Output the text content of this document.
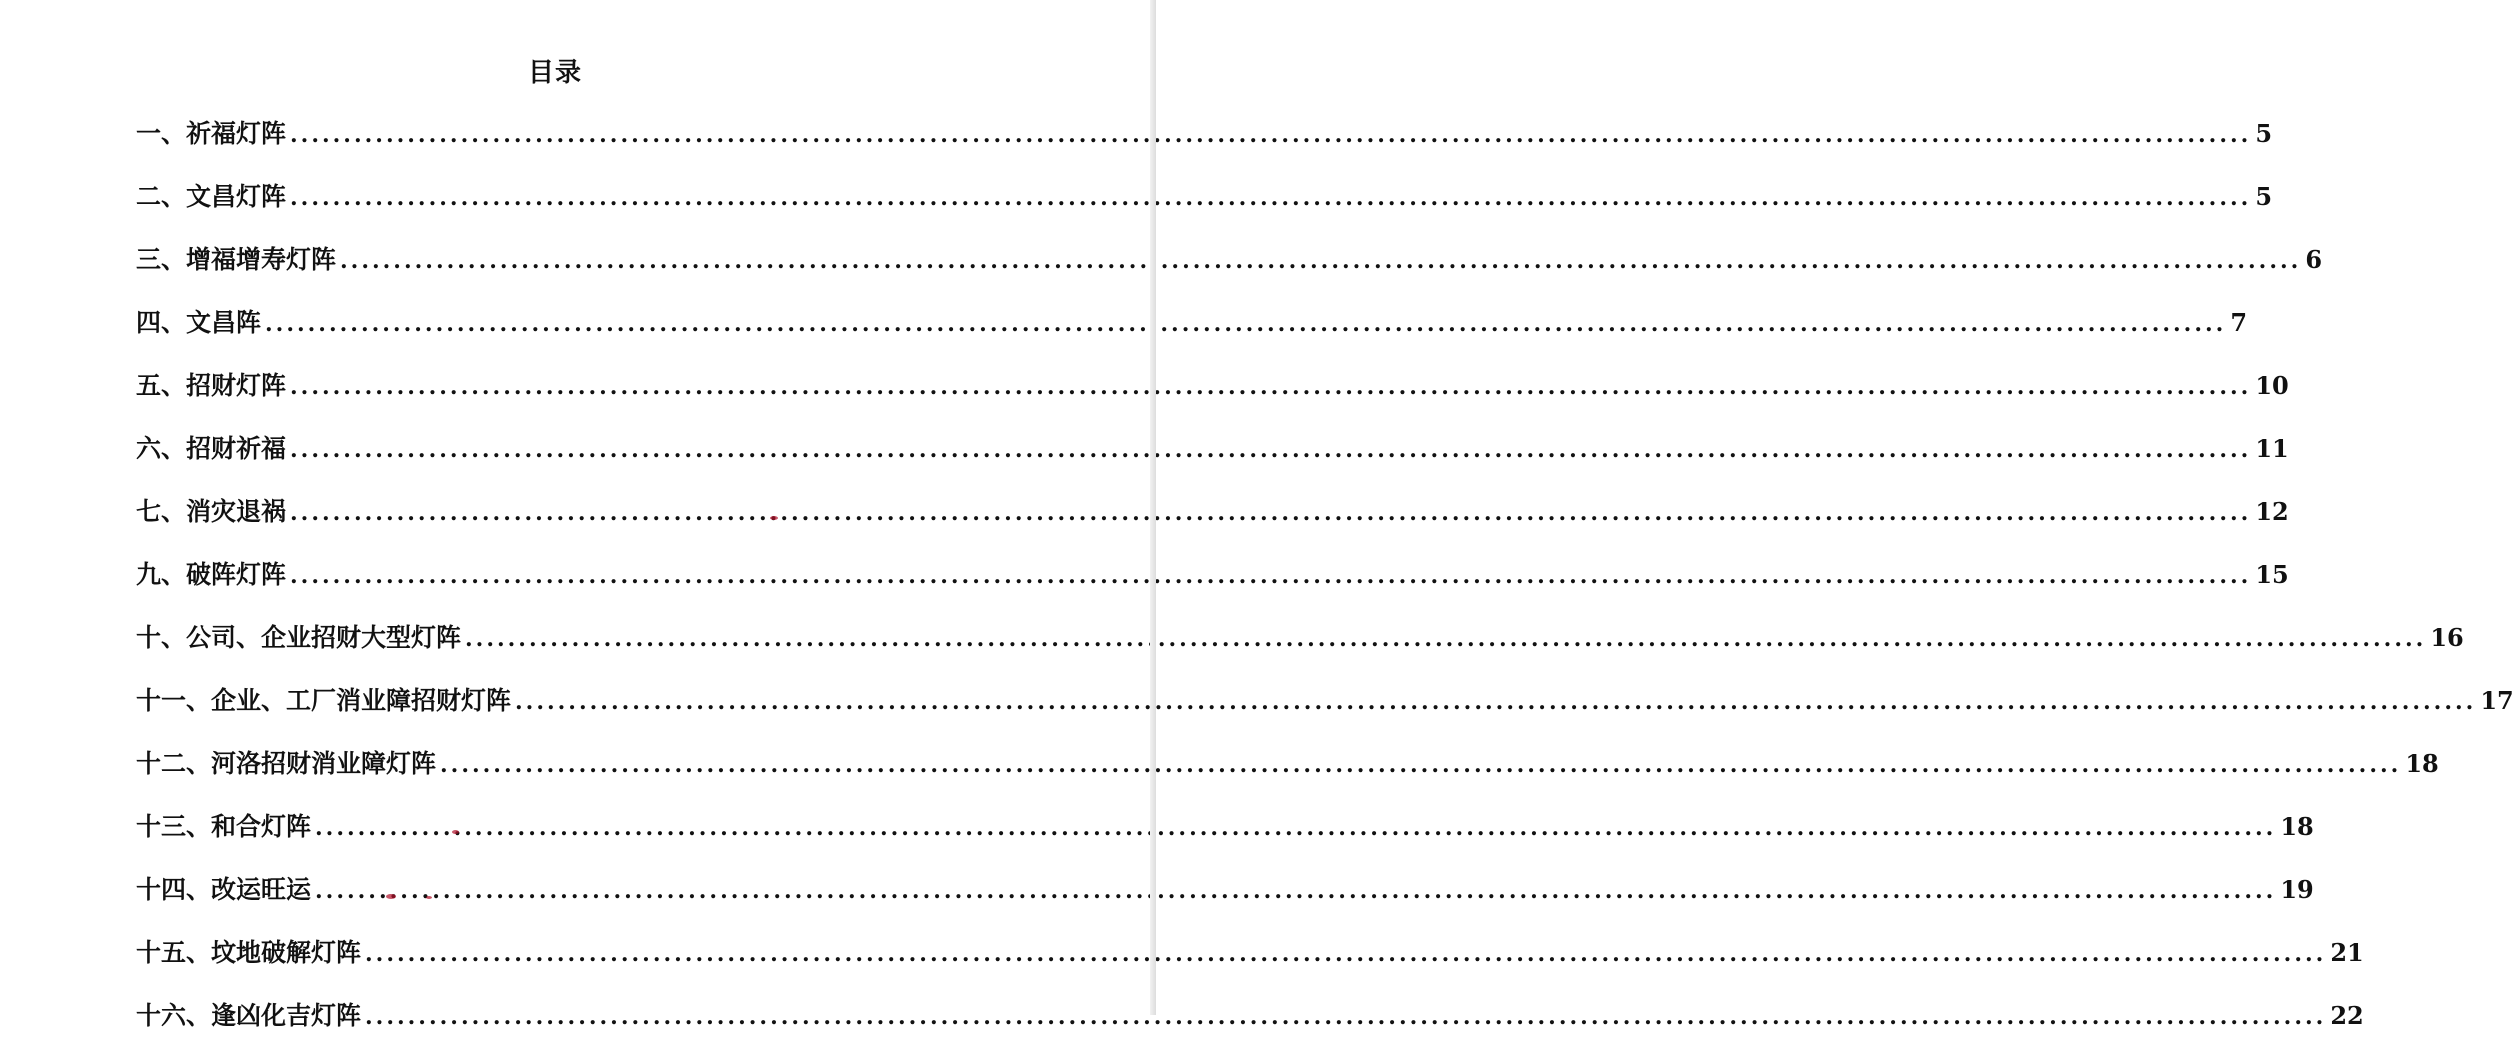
目录
一、祈福灯阵 .....	5
二、文昌灯阵 .....	5
三、增福增寿灯阵 .....	6
四、文昌阵 .....	7
五、招财灯阵 .....	10
六、招财祈福 .....	11
七、消灾退祸 .....	12
九、破阵灯阵 .....	15
十、公司、企业招财大型灯阵 .....	16
十一、企业、工厂消业障招财灯阵 .....	17
十二、河洛招财消业障灯阵 .....	18
十三、和合灯阵 .....	18
十四、改运旺运 .....	19
十五、坟地破解灯阵 .....	21
十六、逢凶化吉灯阵 .....	22
